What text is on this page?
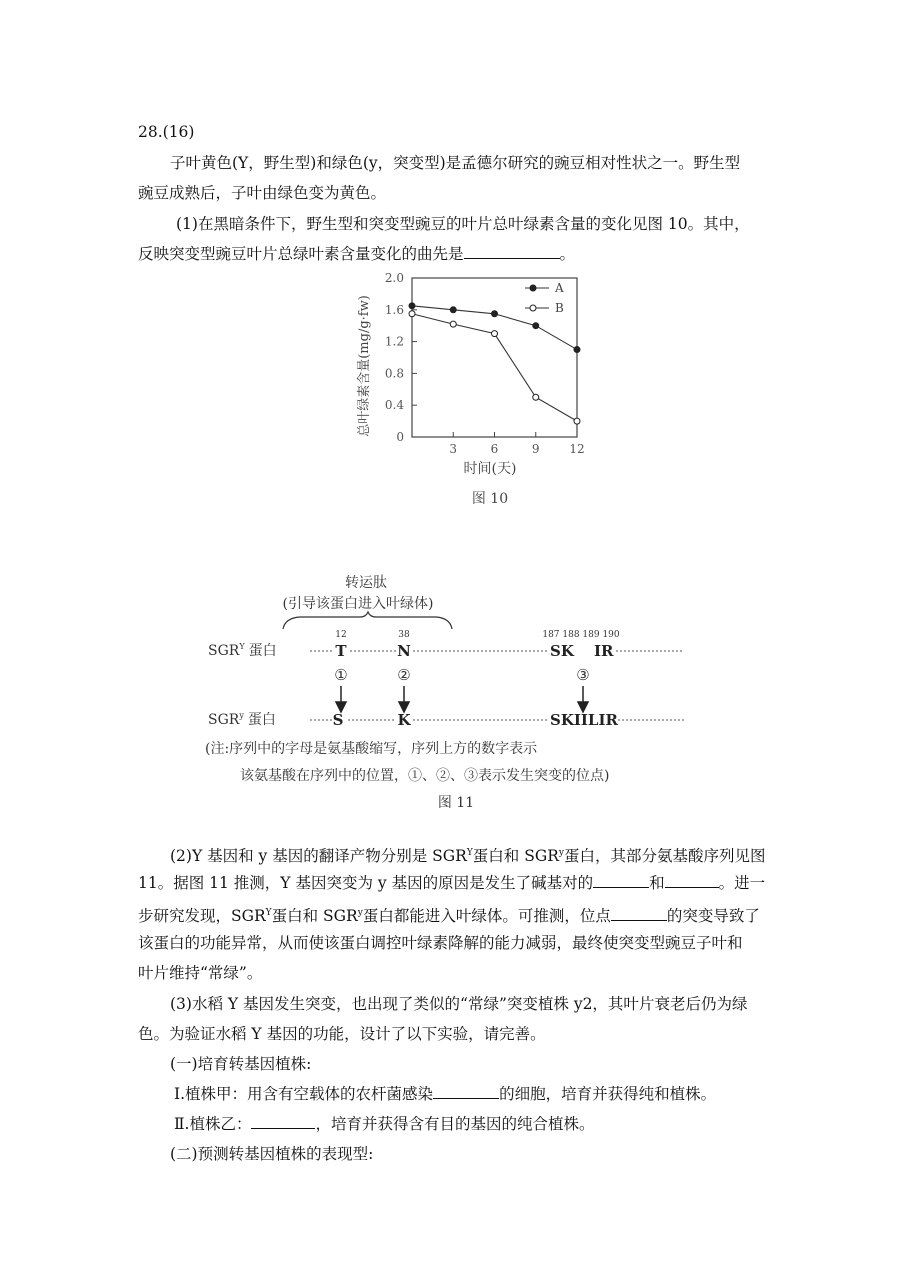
28.(16)
子叶黄色(Y，野生型)和绿色(y，突变型)是孟德尔研究的豌豆相对性状之一。野生型
豌豆成熟后，子叶由绿色变为黄色。
(1)在黑暗条件下，野生型和突变型豌豆的叶片总叶绿素含量的变化见图 10。其中，
反映突变型豌豆叶片总绿叶素含量变化的曲先是	。
0
0.4
0.8
1.2
1.6
2.0
3	6	9 12
A
B
总叶绿素含量(mg/g·fw)
时间(天)
图 10
转运肽
(引导该蛋白进入叶绿体)
$SGR^Y$ 蛋白
12	38	187 188 189 190
T	N	SK IR
①	②	③
SGR$^y$ 蛋白	S	K	SKIILIR
(注:序列中的字母是氨基酸缩写，序列上方的数字表示
该氨基酸在序列中的位置，①、②、③表示发生突变的位点)
图 11
(2)Y 基因和 y 基因的翻译产物分别是 $SGR^Y$蛋白和 SGR$^y$蛋白，其部分氨基酸序列见图
11。据图 11 推测，Y 基因突变为 y 基因的原因是发生了碱基对的	和	。进一
步研究发现，$SGR^Y$蛋白和 SGR$^y$蛋白都能进入叶绿体。可推测，位点	的突变导致了
该蛋白的功能异常，从而使该蛋白调控叶绿素降解的能力减弱，最终使突变型豌豆子叶和
叶片维持“常绿”。
(3)水稻 Y 基因发生突变，也出现了类似的“常绿”突变植株 y2，其叶片衰老后仍为绿
色。为验证水稻 Y 基因的功能，设计了以下实验，请完善。
(一)培育转基因植株:
Ⅰ.植株甲：用含有空载体的农杆菌感染	的细胞，培育并获得纯和植株。
Ⅱ.植株乙：	，培育并获得含有目的基因的纯合植株。
(二)预测转基因植株的表现型:
